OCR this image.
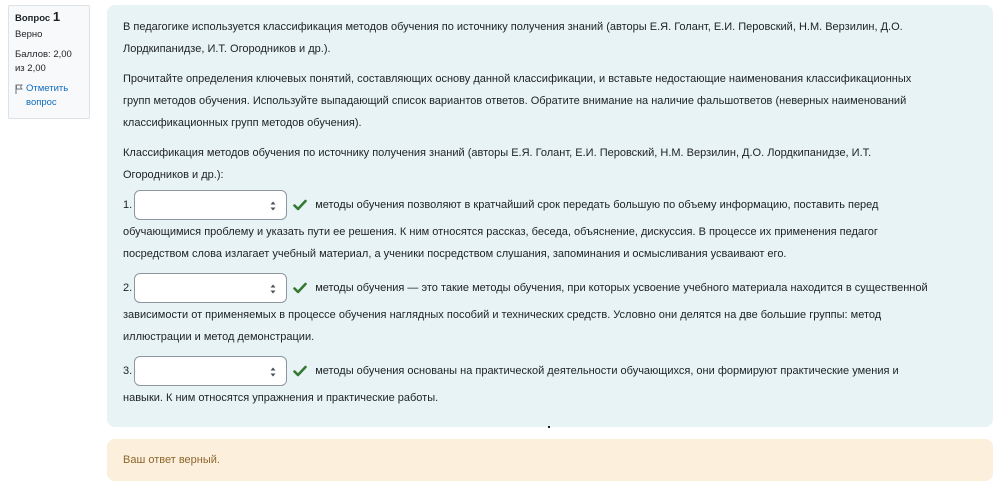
Вопрос 1
Верно
Баллов: 2,00 из 2,00
Отметить вопрос

В педагогике используется классификация методов обучения по источнику получения знаний (авторы Е.Я. Голант, Е.И. Перовский, Н.М. Верзилин, Д.О.
Лордкипанидзе, И.Т. Огородников и др.).

Прочитайте определения ключевых понятий, составляющих основу данной классификации, и вставьте недостающие наименования классификационных
групп методов обучения. Используйте выпадающий список вариантов ответов. Обратите внимание на наличие фальшответов (неверных наименований
классификационных групп методов обучения).

Классификация методов обучения по источнику получения знаний (авторы Е.Я. Голант, Е.И. Перовский, Н.М. Верзилин, Д.О. Лордкипанидзе, И.Т.
Огородников и др.):

1.	методы обучения позволяют в кратчайший срок передать большую по объему информацию, поставить перед
обучающимися проблему и указать пути ее решения. К ним относятся рассказ, беседа, объяснение, дискуссия. В процессе их применения педагог
посредством слова излагает учебный материал, а ученики посредством слушания, запоминания и осмысливания усваивают его.
2.	методы обучения — это такие методы обучения, при которых усвоение учебного материала находится в существенной
зависимости от применяемых в процессе обучения наглядных пособий и технических средств. Условно они делятся на две большие группы: метод
иллюстрации и метод демонстрации.
3.	методы обучения основаны на практической деятельности обучающихся, они формируют практические умения и
навыки. К ним относятся упражнения и практические работы.
Ваш ответ верный.
